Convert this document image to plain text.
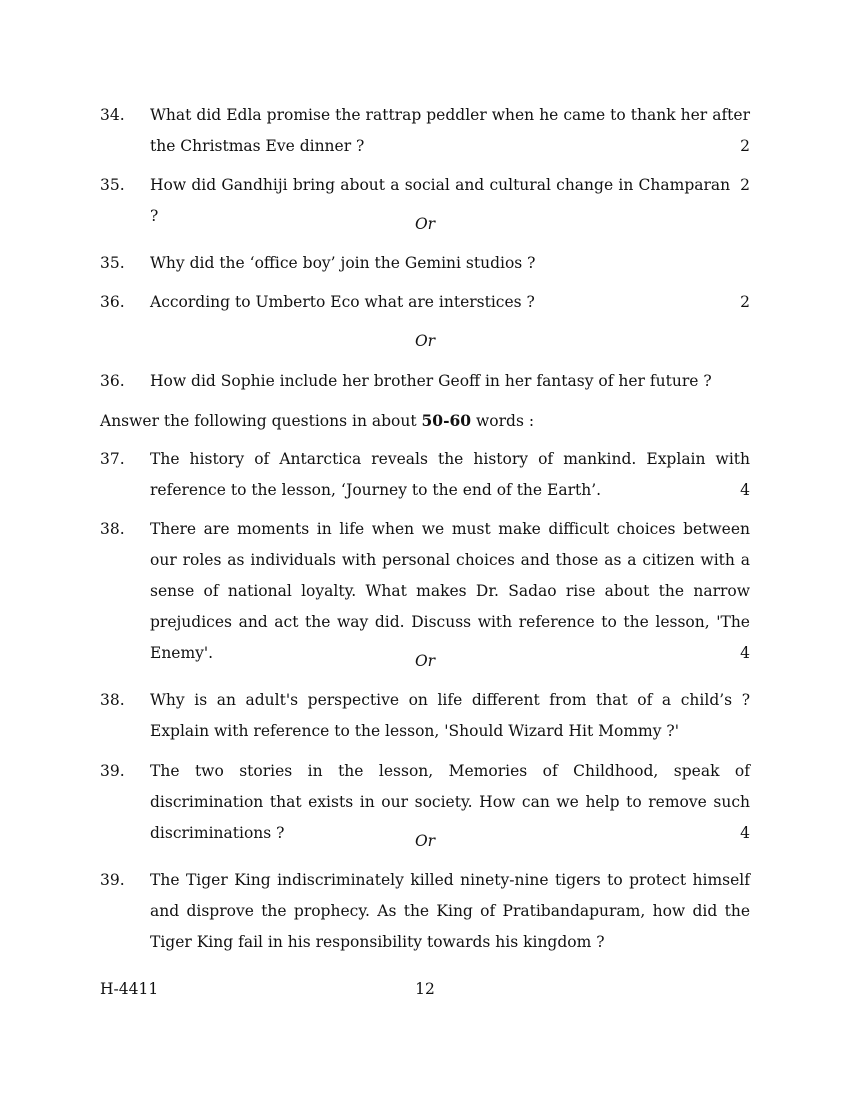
34. What did Edla promise the rattrap peddler when he came to thank her after the Christmas Eve dinner ?	2
35.	2
How did Gandhiji bring about a social and cultural change in Champaran ?	Or
35. Why did the ‘office boy’ join the Gemini studios ?
36.	2
According to Umberto Eco what are interstices ?
Or
36. How did Sophie include her brother Geoff in her fantasy of her future ?
Answer the following questions in about 50-60 words :
37. The history of Antarctica reveals the history of mankind. Explain with reference to the lesson, ‘Journey to the end of the Earth’.	4
38. There are moments in life when we must make difficult choices between our roles as individuals with personal choices and those as a citizen with a sense of national loyalty. What makes Dr. Sadao rise about the narrow prejudices and act the way did. Discuss with reference to the lesson, 'The Enemy'.	4
Or
38. Why is an adult's perspective on life different from that of a child’s ? Explain with reference to the lesson, 'Should Wizard Hit Mommy ?'
39. The two stories in the lesson, Memories of Childhood, speak of discrimination that exists in our society. How can we help to remove such discriminations ?	4
Or
39. The Tiger King indiscriminately killed ninety-nine tigers to protect himself and disprove the prophecy. As the King of Pratibandapuram, how did the Tiger King fail in his responsibility towards his kingdom ?
H-4411	12
